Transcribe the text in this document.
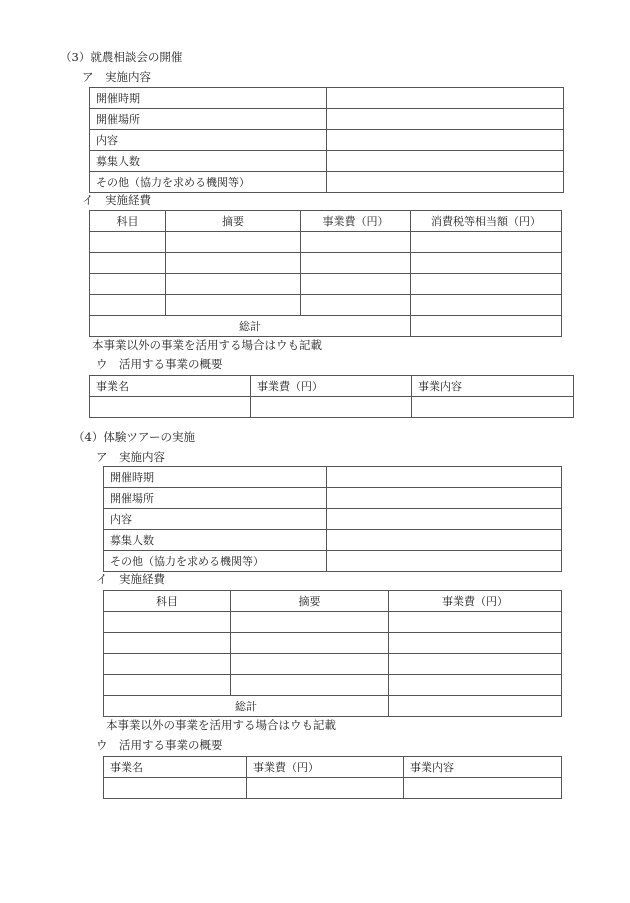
（3）就農相談会の開催
ア　実施内容
開催時期	
開催場所	
内容	
募集人数	
その他（協力を求める機関等）	
イ　実施経費
科目	摘要	事業費（円）	消費税等相当額（円）

総計			
本事業以外の事業を活用する場合はウも記載
ウ　活用する事業の概要
事業名	事業費（円）	事業内容

（4）体験ツアーの実施
ア　実施内容
開催時期	
開催場所	
内容	
募集人数	
その他（協力を求める機関等）	
イ　実施経費
科目	摘要	事業費（円）

総計		
本事業以外の事業を活用する場合はウも記載
ウ　活用する事業の概要
事業名	事業費（円）	事業内容
